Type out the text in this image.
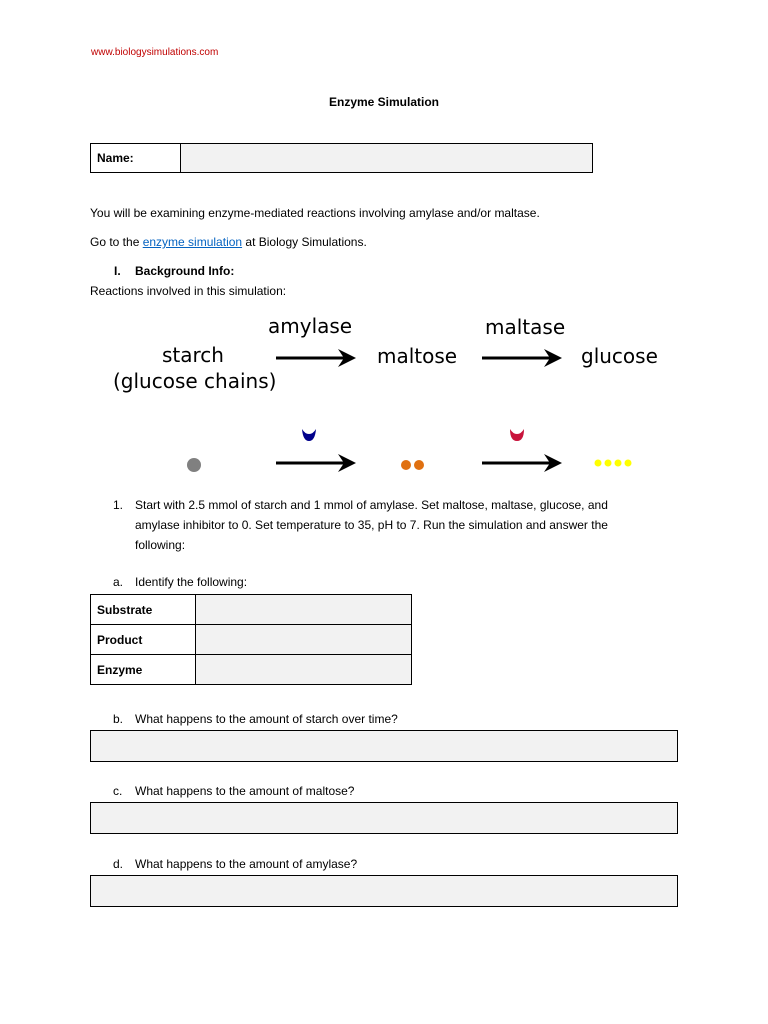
www.biologysimulations.com
Enzyme Simulation
Name:
You will be examining enzyme-mediated reactions involving amylase and/or maltase.
Go to the enzyme simulation at Biology Simulations.
I. Background Info:
Reactions involved in this simulation:
starch
(glucose chains)
amylase
maltose
maltase
glucose
1. Start with 2.5 mmol of starch and 1 mmol of amylase. Set maltose, maltase, glucose, and amylase inhibitor to 0. Set temperature to 35, pH to 7. Run the simulation and answer the following:
a. Identify the following:
Substrate	
Product	
Enzyme	
b. What happens to the amount of starch over time?
c. What happens to the amount of maltose?
d. What happens to the amount of amylase?
